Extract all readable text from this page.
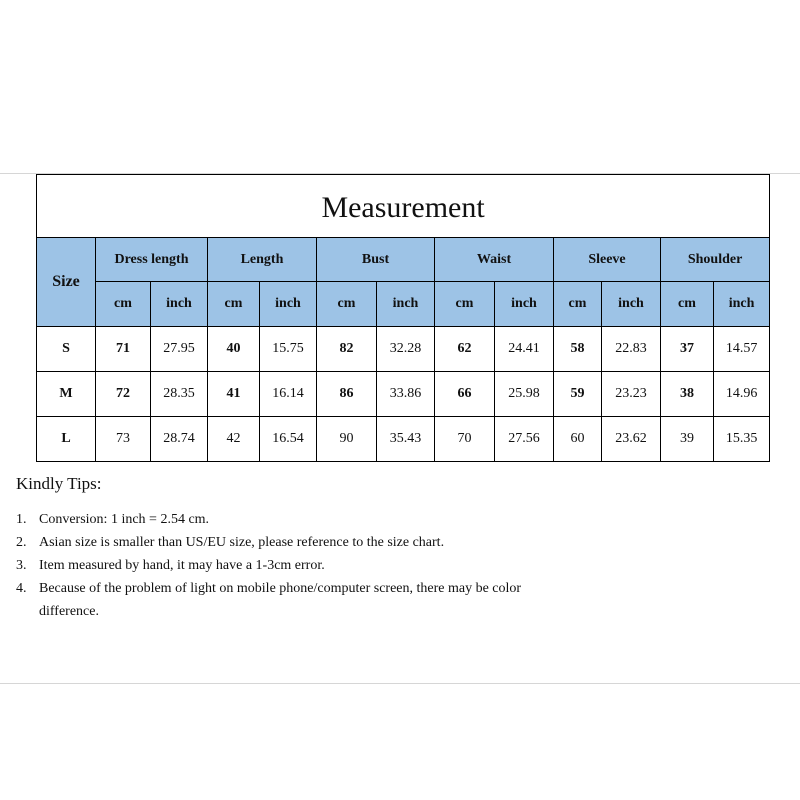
Measurement												
Size	Dress length		Length		Bust		Waist		Sleeve		Shoulder	
	cm	inch	cm	inch	cm	inch	cm	inch	cm	inch	cm	inch
S	71	27.95	40	15.75	82	32.28	62	24.41	58	22.83	37	14.57
M	72	28.35	41	16.14	86	33.86	66	25.98	59	23.23	38	14.96
L	73	28.74	42	16.54	90	35.43	70	27.56	60	23.62	39	15.35

Kindly Tips:

1. Conversion: 1 inch = 2.54 cm.
2. Asian size is smaller than US/EU size, please reference to the size chart.
3. Item measured by hand, it may have a 1-3cm error.
4. Because of the problem of light on mobile phone/computer screen, there may be color difference.
